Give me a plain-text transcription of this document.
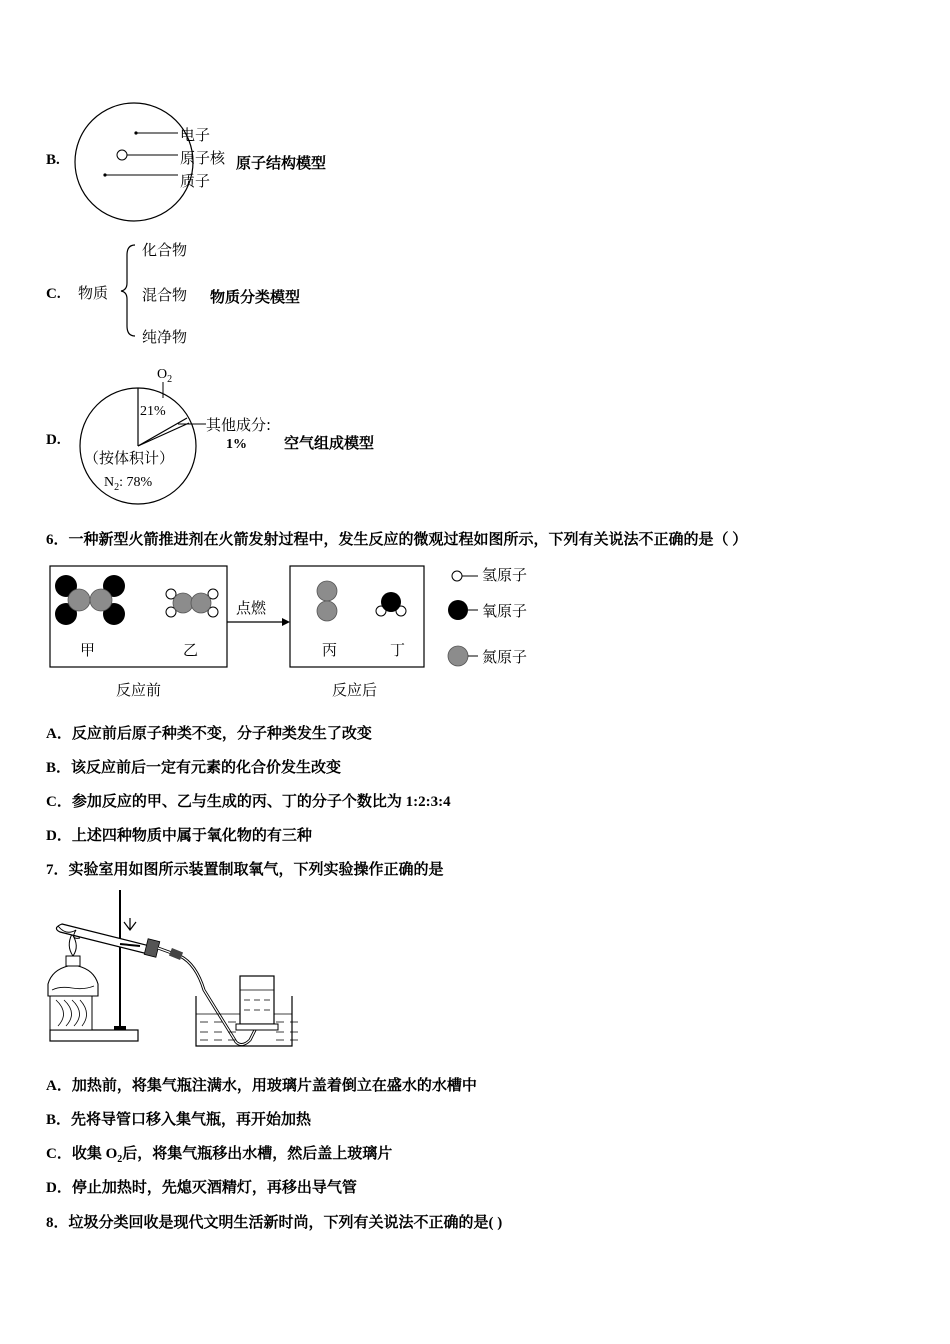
B.
电子
原子核
质子
原子结构模型
C. 物质
化合物
混合物
纯净物
物质分类模型
D.
$O_2$
21%
其他成分:
1%
（按体积计）
$N_2$: 78%
空气组成模型
6．一种新型火箭推进剂在火箭发射过程中，发生反应的微观过程如图所示，下列有关说法不正确的是（ ）
甲	乙
点燃
丙	丁
反应前	反应后
氢原子
氧原子
氮原子
A．反应前后原子种类不变，分子种类发生了改变
B．该反应前后一定有元素的化合价发生改变
C．参加反应的甲、乙与生成的丙、丁的分子个数比为 1:2:3:4
D．上述四种物质中属于氧化物的有三种
7．实验室用如图所示装置制取氧气，下列实验操作正确的是
A．加热前，将集气瓶注满水，用玻璃片盖着倒立在盛水的水槽中
B．先将导管口移入集气瓶，再开始加热
C．收集 $O_2$后，将集气瓶移出水槽，然后盖上玻璃片
D．停止加热时，先熄灭酒精灯，再移出导气管
8．垃圾分类回收是现代文明生活新时尚，下列有关说法不正确的是( )
